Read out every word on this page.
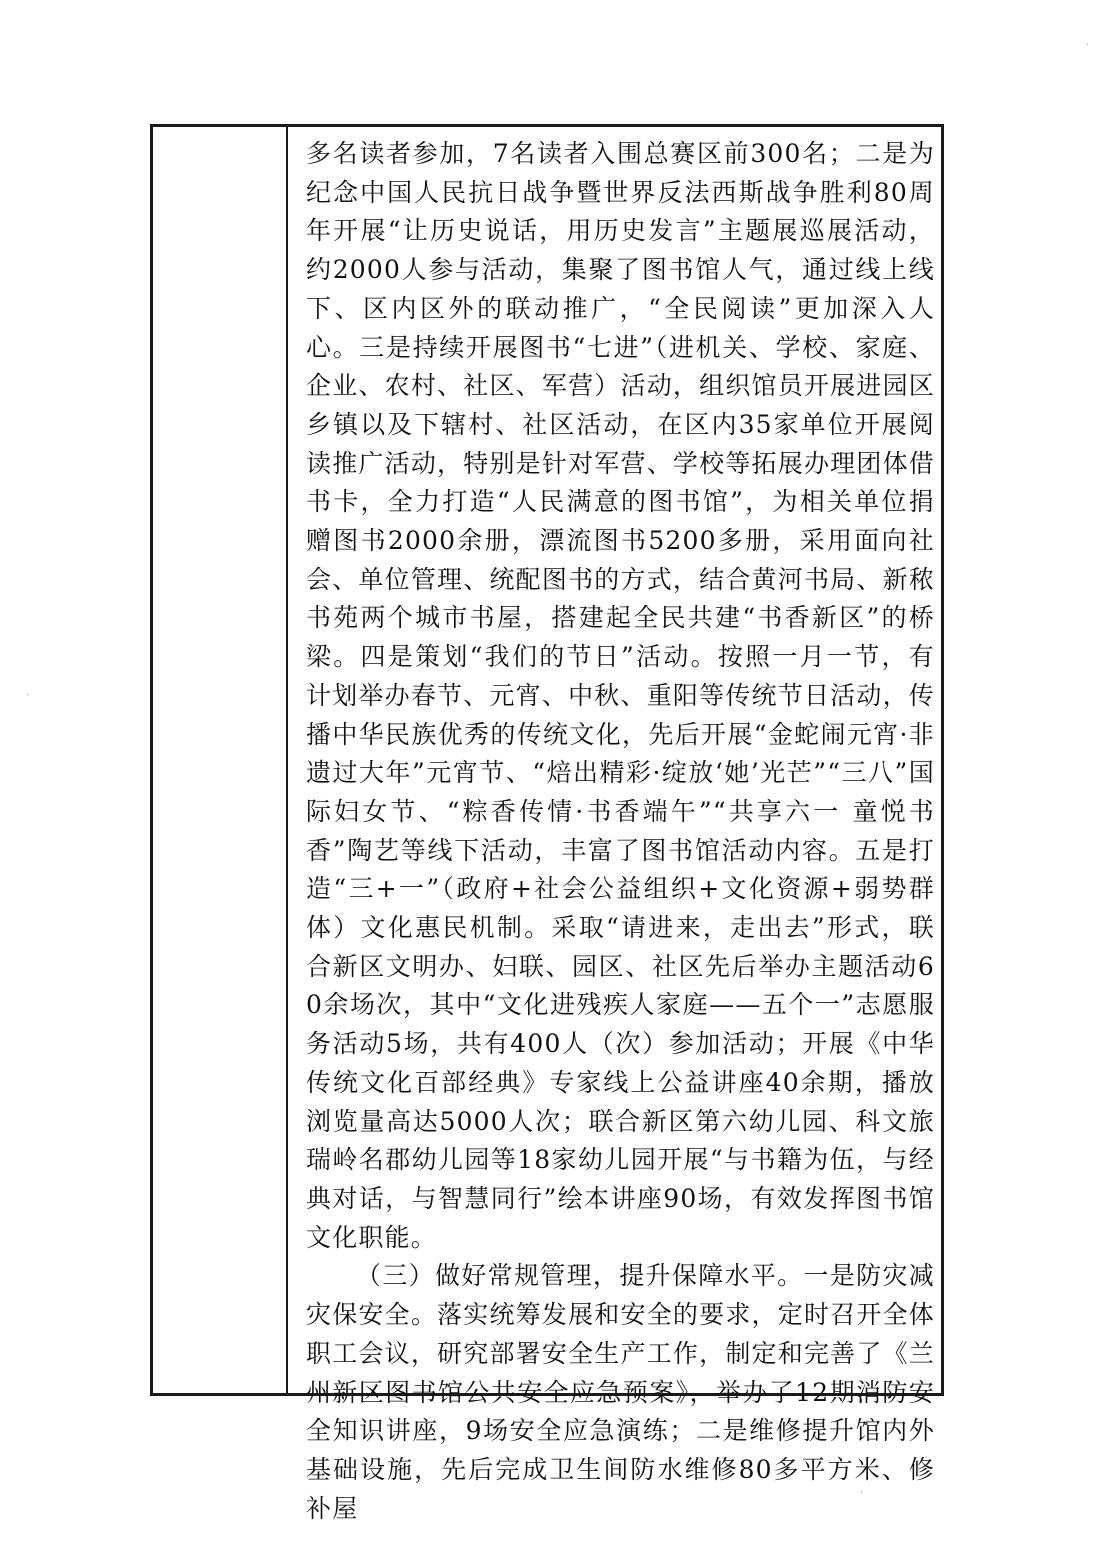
·
·
·

多名读者参加，7名读者入围总赛区前300名；二是为纪念中国人民抗日战争暨世界反法西斯战争胜利80周年开展“让历史说话，用历史发言”主题展巡展活动，约2000人参与活动，集聚了图书馆人气，通过线上线下、区内区外的联动推广，“全民阅读”更加深入人心。三是持续开展图书“七进”（进机关、学校、家庭、企业、农村、社区、军营）活动，组织馆员开展进园区乡镇以及下辖村、社区活动，在区内35家单位开展阅读推广活动，特别是针对军营、学校等拓展办理团体借书卡，全力打造“人民满意的图书馆”，为相关单位捐赠图书2000余册，漂流图书5200多册，采用面向社会、单位管理、统配图书的方式，结合黄河书局、新秾书苑两个城市书屋，搭建起全民共建“书香新区”的桥梁。四是策划“我们的节日”活动。按照一月一节，有计划举办春节、元宵、中秋、重阳等传统节日活动，传播中华民族优秀的传统文化，先后开展“金蛇闹元宵·非遗过大年”元宵节、“焙出精彩·绽放‘她’光芒”“三八”国际妇女节、“粽香传情·书香端午”“共享六一 童悦书香”陶艺等线下活动，丰富了图书馆活动内容。五是打造“三+一”（政府+社会公益组织+文化资源+弱势群体）文化惠民机制。采取“请进来，走出去”形式，联合新区文明办、妇联、园区、社区先后举办主题活动60余场次，其中“文化进残疾人家庭——五个一”志愿服务活动5场，共有400人（次）参加活动；开展《中华传统文化百部经典》专家线上公益讲座40余期，播放浏览量高达5000人次；联合新区第六幼儿园、科文旅瑞岭名郡幼儿园等18家幼儿园开展“与书籍为伍，与经典对话，与智慧同行”绘本讲座90场，有效发挥图书馆文化职能。

（三）做好常规管理，提升保障水平。一是防灾减灾保安全。落实统筹发展和安全的要求，定时召开全体职工会议，研究部署安全生产工作，制定和完善了《兰州新区图书馆公共安全应急预案》，举办了12期消防安全知识讲座，9场安全应急演练；二是维修提升馆内外基础设施，先后完成卫生间防水维修80多平方米、修补屋
